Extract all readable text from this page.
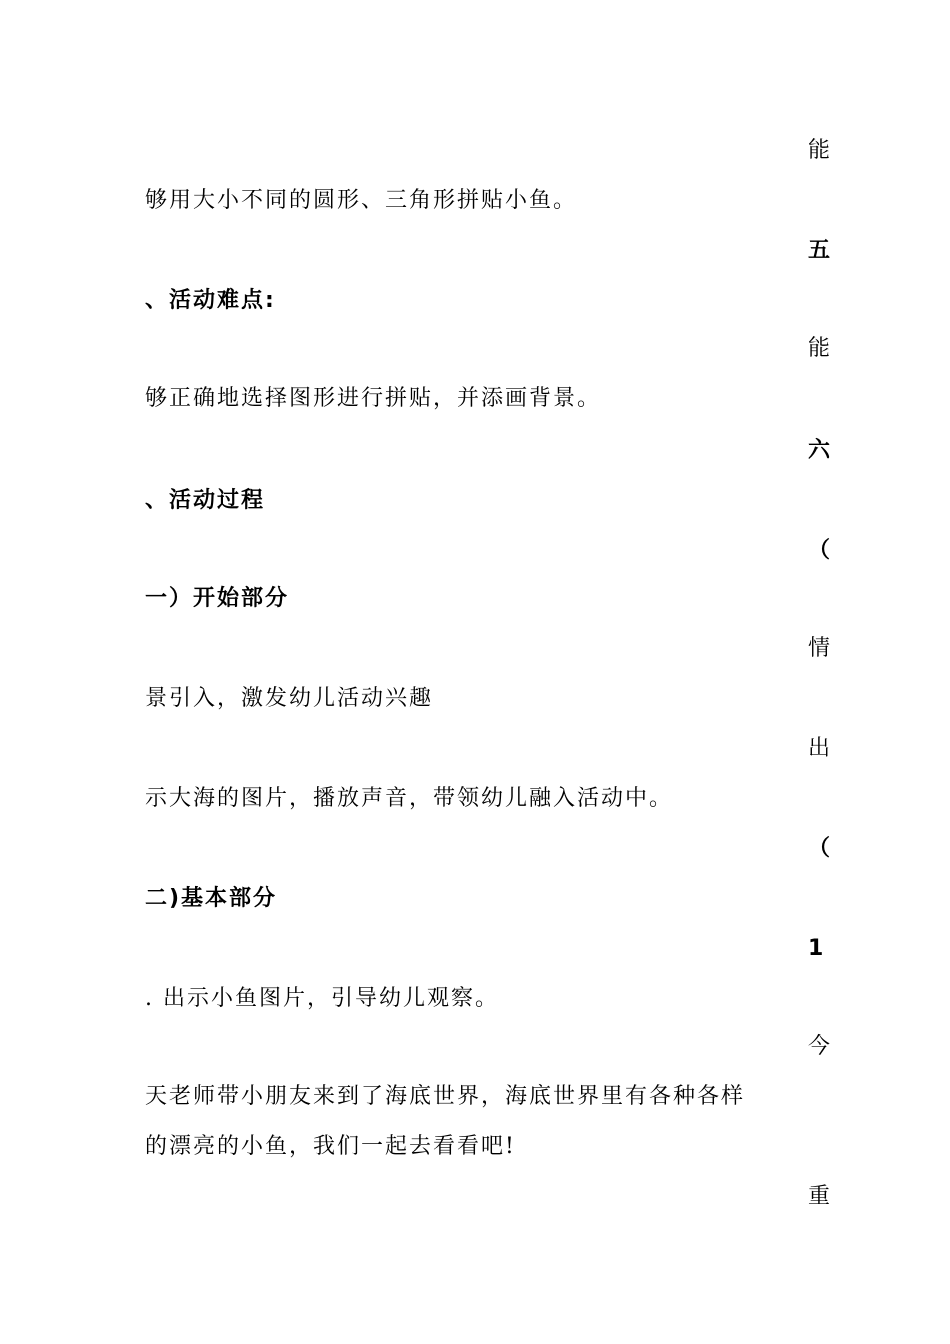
能
五
能
六
（
情
出
（
1
今
重
够用大小不同的圆形、三角形拼贴小鱼。
、活动难点:
够正确地选择图形进行拼贴，并添画背景。
、活动过程
一）开始部分
景引入，激发幼儿活动兴趣
示大海的图片，播放声音，带领幼儿融入活动中。
二)基本部分
. 出示小鱼图片，引导幼儿观察。
天老师带小朋友来到了海底世界，海底世界里有各种各样
的漂亮的小鱼，我们一起去看看吧!
